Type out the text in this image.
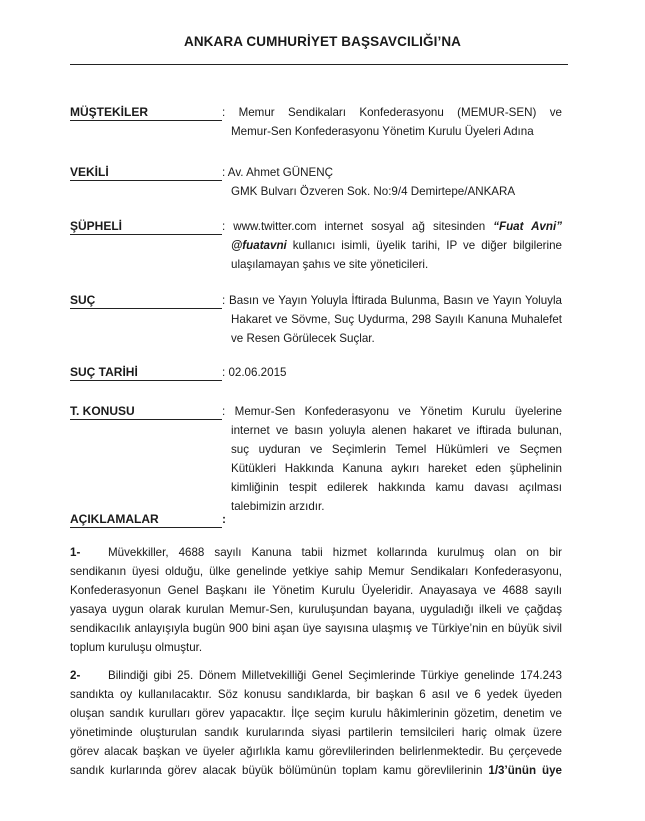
ANKARA CUMHURİYET BAŞSAVCILIĞI’NA
MÜŞTEKİLER	: Memur Sendikaları Konfederasyonu (MEMUR-SEN) ve
Memur-Sen Konfederasyonu Yönetim Kurulu Üyeleri Adına
VEKİLİ	: Av. Ahmet GÜNENÇ
GMK Bulvarı Özveren Sok. No:9/4 Demirtepe/ANKARA
ŞÜPHELİ	: www.twitter.com internet sosyal ağ sitesinden “Fuat Avni”
@fuatavni kullanıcı isimli, üyelik tarihi, IP ve diğer bilgilerine
ulaşılamayan şahıs ve site yöneticileri.
SUÇ	: Basın ve Yayın Yoluyla İftirada Bulunma, Basın ve Yayın Yoluyla
Hakaret ve Sövme, Suç Uydurma, 298 Sayılı Kanuna Muhalefet
ve Resen Görülecek Suçlar.
SUÇ TARİHİ	: 02.06.2015
T. KONUSU	: Memur-Sen Konfederasyonu ve Yönetim Kurulu üyelerine
internet ve basın yoluyla alenen hakaret ve iftirada bulunan,
suç uyduran ve Seçimlerin Temel Hükümleri ve Seçmen
Kütükleri Hakkında Kanuna aykırı hareket eden şüphelinin
kimliğinin tespit edilerek hakkında kamu davası açılması
talebimizin arzıdır.
AÇIKLAMALAR	:
1- Müvekkiller, 4688 sayılı Kanuna tabii hizmet kollarında kurulmuş olan on bir
sendikanın üyesi olduğu, ülke genelinde yetkiye sahip Memur Sendikaları Konfederasyonu,
Konfederasyonun Genel Başkanı ile Yönetim Kurulu Üyeleridir. Anayasaya ve 4688 sayılı
yasaya uygun olarak kurulan Memur-Sen, kuruluşundan bayana, uyguladığı ilkeli ve çağdaş
sendikacılık anlayışıyla bugün 900 bini aşan üye sayısına ulaşmış ve Türkiye’nin en büyük sivil
toplum kuruluşu olmuştur.
2- Bilindiği gibi 25. Dönem Milletvekilliği Genel Seçimlerinde Türkiye genelinde 174.243
sandıkta oy kullanılacaktır. Söz konusu sandıklarda, bir başkan 6 asıl ve 6 yedek üyeden
oluşan sandık kurulları görev yapacaktır. İlçe seçim kurulu hâkimlerinin gözetim, denetim ve
yönetiminde oluşturulan sandık kurularında siyasi partilerin temsilcileri hariç olmak üzere
görev alacak başkan ve üyeler ağırlıkla kamu görevlilerinden belirlenmektedir. Bu çerçevede
sandık kurlarında görev alacak büyük bölümünün toplam kamu görevlilerinin 1/3’ünün üye
